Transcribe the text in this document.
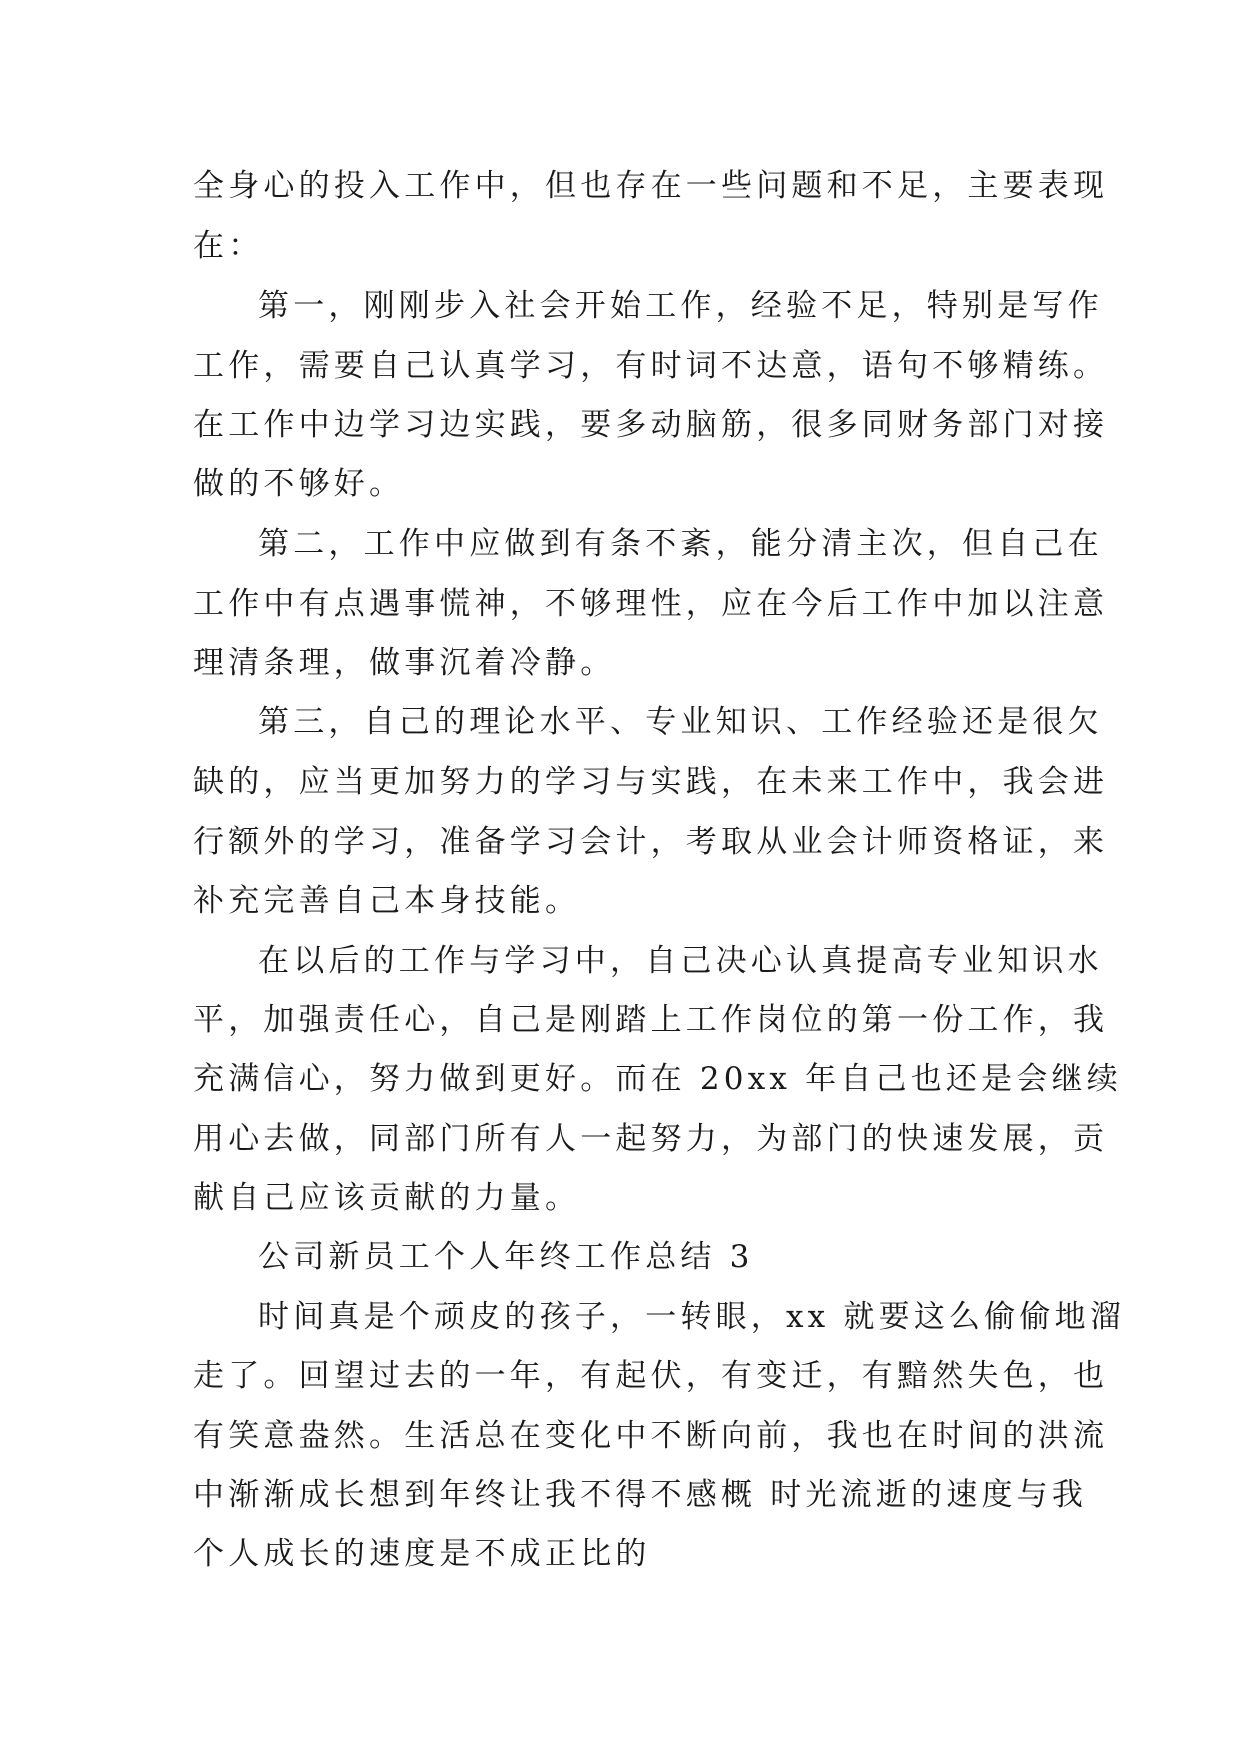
全身心的投入工作中，但也存在一些问题和不足，主要表现
在：
第一，刚刚步入社会开始工作，经验不足，特别是写作
工作，需要自己认真学习，有时词不达意，语句不够精练。
在工作中边学习边实践，要多动脑筋，很多同财务部门对接
做的不够好。
第二，工作中应做到有条不紊，能分清主次，但自己在
工作中有点遇事慌神，不够理性，应在今后工作中加以注意
理清条理，做事沉着冷静。
第三，自己的理论水平、专业知识、工作经验还是很欠
缺的，应当更加努力的学习与实践，在未来工作中，我会进
行额外的学习，准备学习会计，考取从业会计师资格证，来
补充完善自己本身技能。
在以后的工作与学习中，自己决心认真提高专业知识水
平，加强责任心，自己是刚踏上工作岗位的第一份工作，我
充满信心，努力做到更好。而在 20xx 年自己也还是会继续
用心去做，同部门所有人一起努力，为部门的快速发展，贡
献自己应该贡献的力量。
公司新员工个人年终工作总结 3
时间真是个顽皮的孩子，一转眼，xx 就要这么偷偷地溜
走了。回望过去的一年，有起伏，有变迁，有黯然失色，也
有笑意盎然。生活总在变化中不断向前，我也在时间的洪流
中渐渐成长想到年终让我不得不感概 时光流逝的速度与我
个人成长的速度是不成正比的
